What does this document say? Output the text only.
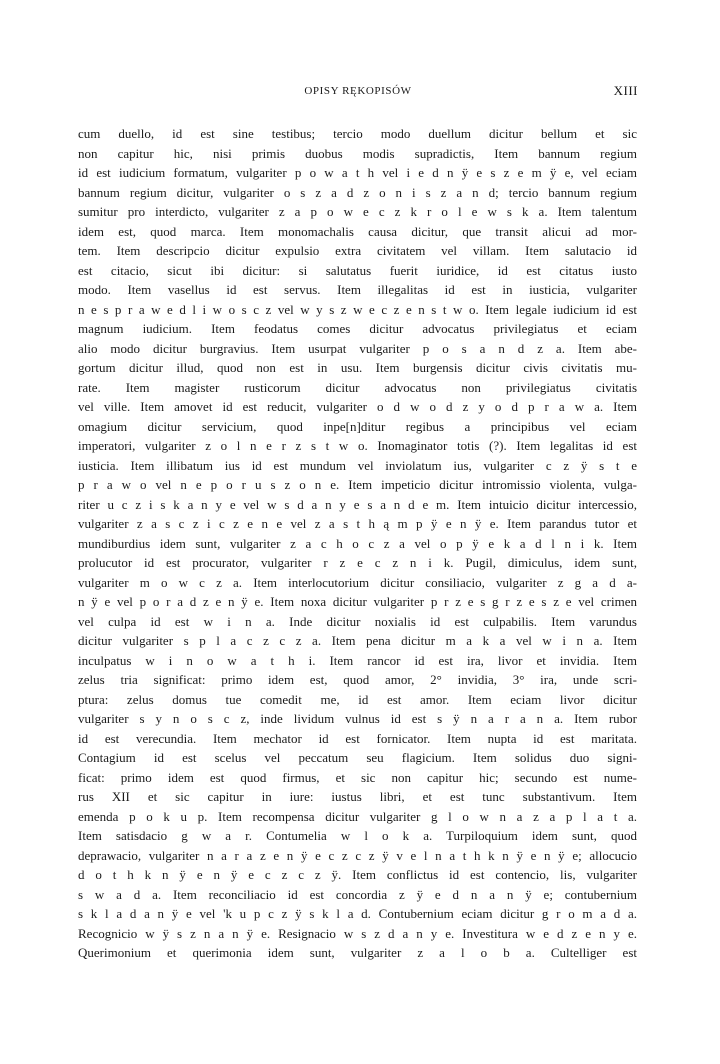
OPISY RĘKOPISÓW	XIII
cum duello, id est sine testibus; tercio modo duellum dicitur bellum et sic
non capitur hic, nisi primis duobus modis supradictis, Item bannum regium
id est iudicium formatum, vulgariter p o w a t h vel i e d n ÿ e s z e m ÿ e, vel eciam
bannum regium dicitur, vulgariter o s z a d z o n i s z a n d; tercio bannum regium
sumitur pro interdicto, vulgariter z a p o w e c z k r o l e w s k a. Item talentum
idem est, quod marca. Item monomachalis causa dicitur, que transit alicui ad mor-
tem. Item descripcio dicitur expulsio extra civitatem vel villam. Item salutacio id
est citacio, sicut ibi dicitur: si salutatus fuerit iuridice, id est citatus iusto
modo. Item vasellus id est servus. Item illegalitas id est in iusticia, vulgariter
n e s p r a w e d l i w o s c z vel w y s z w e c z e n s t w o. Item legale iudicium id est
magnum iudicium. Item feodatus comes dicitur advocatus privilegiatus et eciam
alio modo dicitur burgravius. Item usurpat vulgariter p o s a n d z a. Item abe-
gortum dicitur illud, quod non est in usu. Item burgensis dicitur civis civitatis mu-
rate. Item magister rusticorum dicitur advocatus non privilegiatus civitatis
vel ville. Item amovet id est reducit, vulgariter o d w o d z y o d p r a w a. Item
omagium dicitur servicium, quod inpe[n]ditur regibus a principibus vel eciam
imperatori, vulgariter z o l n e r z s t w o. Inomaginator totis (?). Item legalitas id est
iusticia. Item illibatum ius id est mundum vel inviolatum ius, vulgariter c z ÿ s t e
p r a w o vel n e p o r u s z o n e. Item impeticio dicitur intromissio violenta, vulga-
riter u c z i s k a n y e vel w s d a n y e s a n d e m. Item intuicio dicitur intercessio,
vulgariter z a s c z i c z e n e vel z a s t h ą m p ÿ e n ÿ e. Item parandus tutor et
mundiburdius idem sunt, vulgariter z a c h o c z a vel o p ÿ e k a d l n i k. Item
prolucutor id est procurator, vulgariter r z e c z n i k. Pugil, dimiculus, idem sunt,
vulgariter m o w c z a. Item interlocutorium dicitur consiliacio, vulgariter z g a d a-
n ÿ e vel p o r a d z e n ÿ e. Item noxa dicitur vulgariter p r z e s g r z e s z e vel crimen
vel culpa id est w i n a. Inde dicitur noxialis id est culpabilis. Item varundus
dicitur vulgariter s p l a c z c z a. Item pena dicitur m a k a vel w i n a. Item
inculpatus w i n o w a t h i. Item rancor id est ira, livor et invidia. Item
zelus tria significat: primo idem est, quod amor, 2° invidia, 3° ira, unde scri-
ptura: zelus domus tue comedit me, id est amor. Item eciam livor dicitur
vulgariter s y n o s c z, inde lividum vulnus id est s ÿ n a r a n a. Item rubor
id est verecundia. Item mechator id est fornicator. Item nupta id est maritata.
Contagium id est scelus vel peccatum seu flagicium. Item solidus duo signi-
ficat: primo idem est quod firmus, et sic non capitur hic; secundo est nume-
rus XII et sic capitur in iure: iustus libri, et est tunc substantivum. Item
emenda p o k u p. Item recompensa dicitur vulgariter g l o w n a z a p l a t a.
Item satisdacio g w a r. Contumelia w l o k a. Turpiloquium idem sunt, quod
deprawacio, vulgariter n a r a z e n ÿ e c z c z ÿ v e l n a t h k n ÿ e n ÿ e; allocucio
d o t h k n ÿ e n ÿ e c z c z ÿ. Item conflictus id est contencio, lis, vulgariter
s w a d a. Item reconciliacio id est concordia z ÿ e d n a n ÿ e; contubernium
s k l a d a n ÿ e vel 'k u p c z ÿ s k l a d. Contubernium eciam dicitur g r o m a d a.
Recognicio w ÿ s z n a n ÿ e. Resignacio w s z d a n y e. Investitura w e d z e n y e.
Querimonium et querimonia idem sunt, vulgariter z a l o b a. Cultelliger est
